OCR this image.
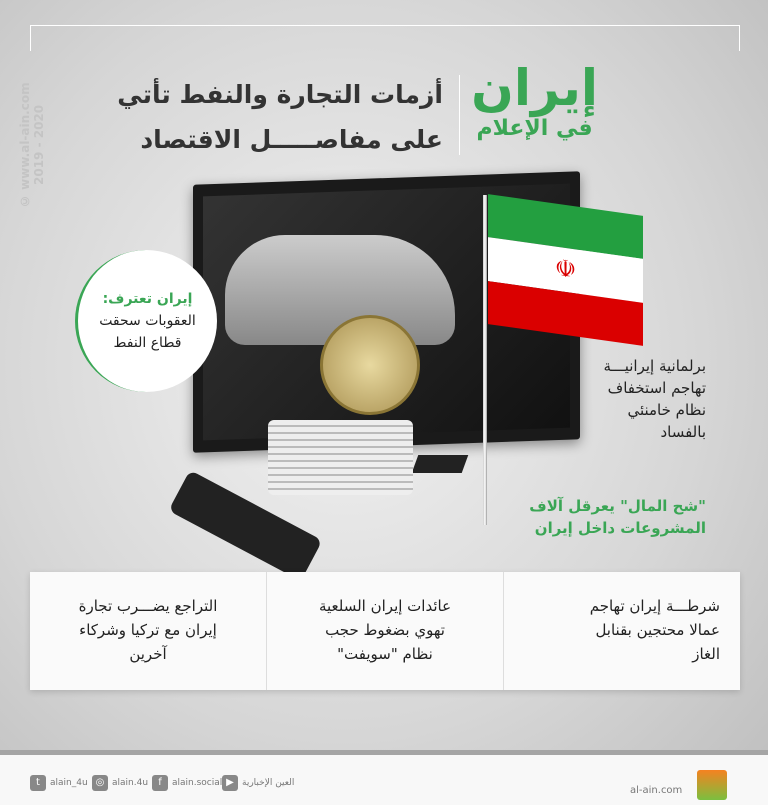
© www.al-ain.com 2019 - 2020
إيران
في الإعلام
أزمات التجارة والنفط تأتي
على مفاصـــــل الاقتصاد
☫
إيران تعترف:
العقوبات سحقت
قطاع النفط
برلمانية إيرانيـــة
تهاجم استخفاف
نظام خامنئي
بالفساد
"شح المال" يعرقل آلاف
المشروعات داخل إيران
شرطـــة إيران تهاجم
عمالا محتجين بقنابل
الغاز
عائدات إيران السلعية
تهوي بضغوط حجب
نظام "سويفت"
التراجع يضـــرب تجارة
إيران مع تركيا وشركاء
آخرين
t	alain_4u ◎ alain.4u	f	alain.social ▶ العين الإخبارية
al-ain.com
